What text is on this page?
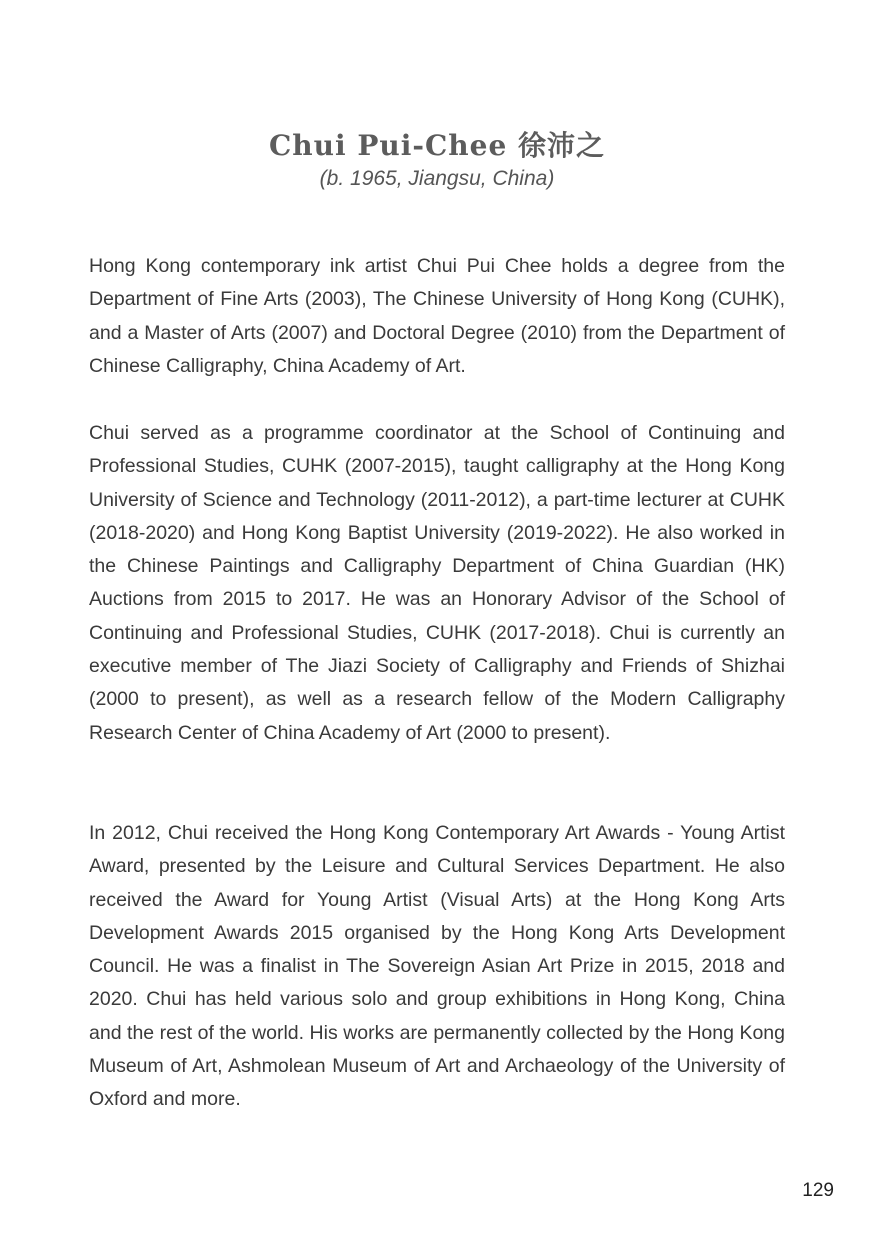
Chui Pui-Chee 徐沛之
(b. 1965, Jiangsu, China)

Hong Kong contemporary ink artist Chui Pui Chee holds a degree from the Department of Fine Arts (2003), The Chinese University of Hong Kong (CUHK), and a Master of Arts (2007) and Doctoral Degree (2010) from the Department of Chinese Calligraphy, China Academy of Art.

Chui served as a programme coordinator at the School of Continuing and Professional Studies, CUHK (2007-2015), taught calligraphy at the Hong Kong University of Science and Technology (2011-2012), a part-time lecturer at CUHK (2018-2020) and Hong Kong Baptist University (2019-2022). He also worked in the Chinese Paintings and Calligraphy Department of China Guardian (HK) Auctions from 2015 to 2017. He was an Honorary Advisor of the School of Continuing and Professional Studies, CUHK (2017-2018). Chui is currently an executive member of The Jiazi Society of Calligraphy and Friends of Shizhai (2000 to present), as well as a research fellow of the Modern Calligraphy Research Center of China Academy of Art (2000 to present).

In 2012, Chui received the Hong Kong Contemporary Art Awards - Young Artist Award, presented by the Leisure and Cultural Services Department. He also received the Award for Young Artist (Visual Arts) at the Hong Kong Arts Development Awards 2015 organised by the Hong Kong Arts Development Council. He was a finalist in The Sovereign Asian Art Prize in 2015, 2018 and 2020. Chui has held various solo and group exhibitions in Hong Kong, China and the rest of the world. His works are permanently collected by the Hong Kong Museum of Art, Ashmolean Museum of Art and Archaeology of the University of Oxford and more.

129
